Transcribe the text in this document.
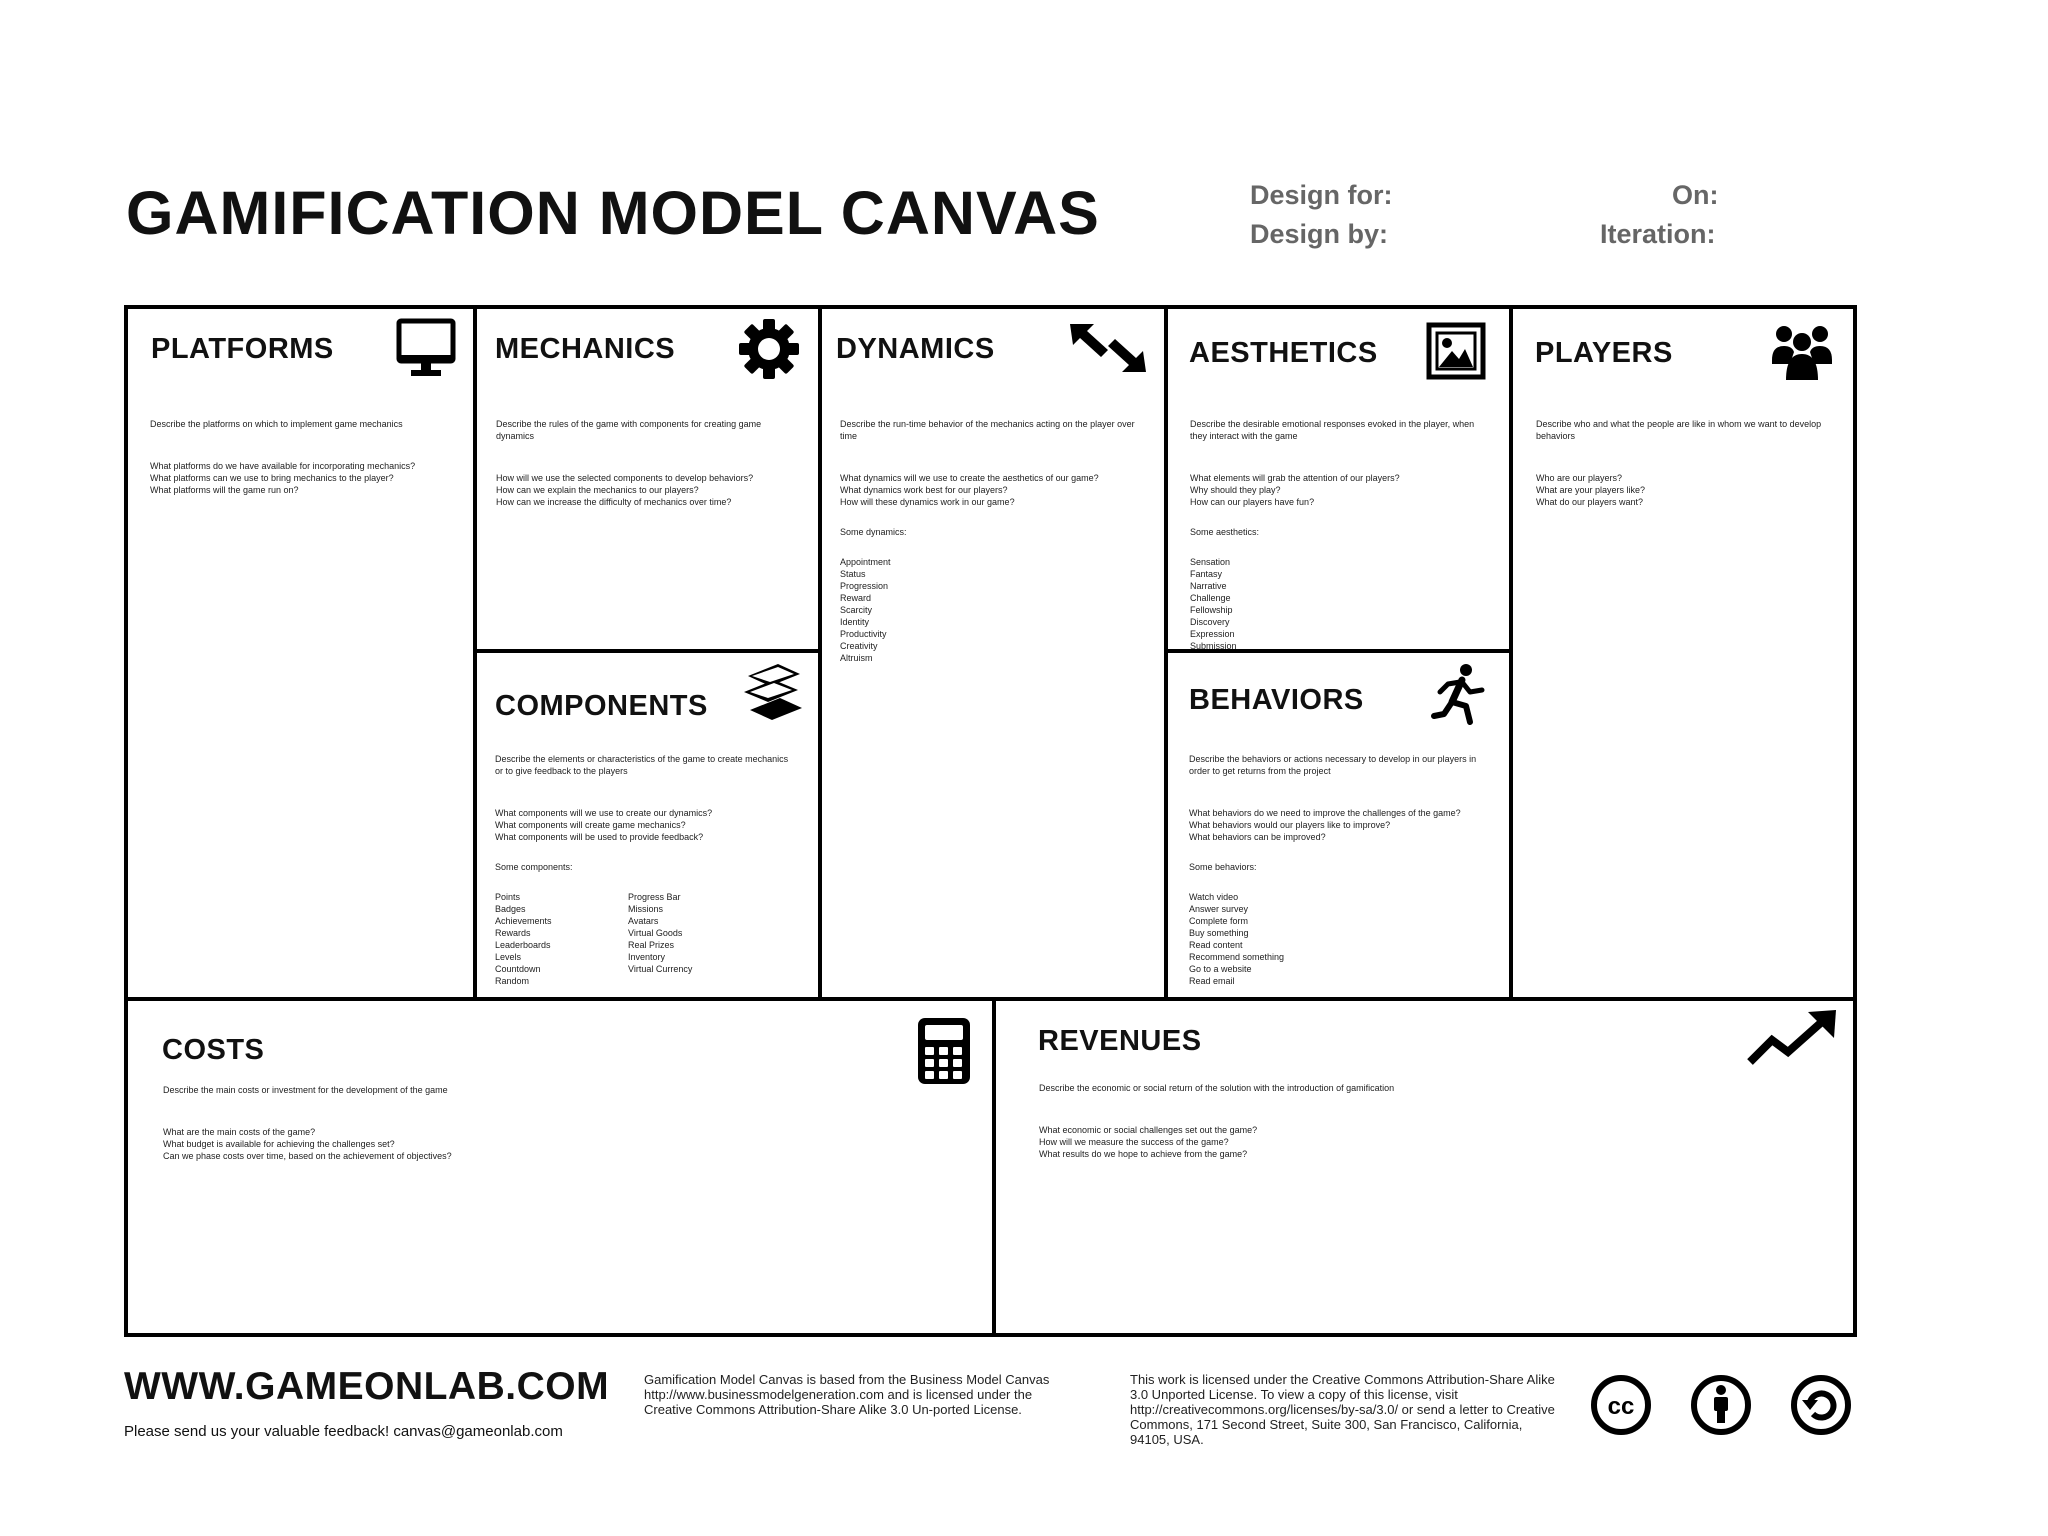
GAMIFICATION MODEL CANVAS	Design for:
Design by:
On:
Iteration:
PLATFORMS

Describe the platforms on which to implement game mechanics

What platforms do we have available for incorporating mechanics?
What platforms can we use to bring mechanics to the player?
What platforms will the game run on?
MECHANICS

Describe the rules of the game with components for creating game dynamics

How will we use the selected components to develop behaviors?
How can we explain the mechanics to our players?
How can we increase the difficulty of mechanics over time?
DYNAMICS

Describe the run-time behavior of the mechanics acting on the player over time

What dynamics will we use to create the aesthetics of our game?
What dynamics work best for our players?
How will these dynamics work in our game?
Some dynamics:
Appointment
Status
Progression
Reward
Scarcity
Identity
Productivity
Creativity
Altruism
AESTHETICS

Describe the desirable emotional responses evoked in the player, when they interact with the game

What elements will grab the attention of our players?
Why should they play?
How can our players have fun?
Some aesthetics:
Sensation
Fantasy
Narrative
Challenge
Fellowship
Discovery
Expression
Submission
PLAYERS

Describe who and what the people are like in whom we want to develop behaviors

Who are our players?
What are your players like?
What do our players want?
COMPONENTS

Describe the elements or characteristics of the game to create mechanics or to give feedback to the players

What components will we use to create our dynamics?
What components will create game mechanics?
What components will be used to provide feedback?
Some components:
Points
Badges
Achievements
Rewards
Leaderboards
Levels
Countdown
Random
Progress Bar
Missions
Avatars
Virtual Goods
Real Prizes
Inventory
Virtual Currency
BEHAVIORS

Describe the behaviors or actions necessary to develop in our players in order to get returns from the project

What behaviors do we need to improve the challenges of the game?
What behaviors would our players like to improve?
What behaviors can be improved?
Some behaviors:
Watch video
Answer survey
Complete form
Buy something
Read content
Recommend something
Go to a website
Read email
COSTS

Describe the main costs or investment for the development of the game

What are the main costs of the game?
What budget is available for achieving the challenges set?
Can we phase costs over time, based on the achievement of objectives?
REVENUES

Describe the economic or social return of the solution with the introduction of gamification

What economic or social challenges set out the game?
How will we measure the success of the game?
What results do we hope to achieve from the game?
WWW.GAMEONLAB.COM
Please send us your valuable feedback! canvas@gameonlab.com
Gamification Model Canvas is based from the Business Model Canvas http://www.businessmodelgeneration.com and is licensed under the Creative Commons Attribution-Share Alike 3.0 Un-ported License.
This work is licensed under the Creative Commons Attribution-Share Alike 3.0 Unported License. To view a copy of this license, visit http://creativecommons.org/licenses/by-sa/3.0/ or send a letter to Creative Commons, 171 Second Street, Suite 300, San Francisco, California, 94105, USA.
cc
